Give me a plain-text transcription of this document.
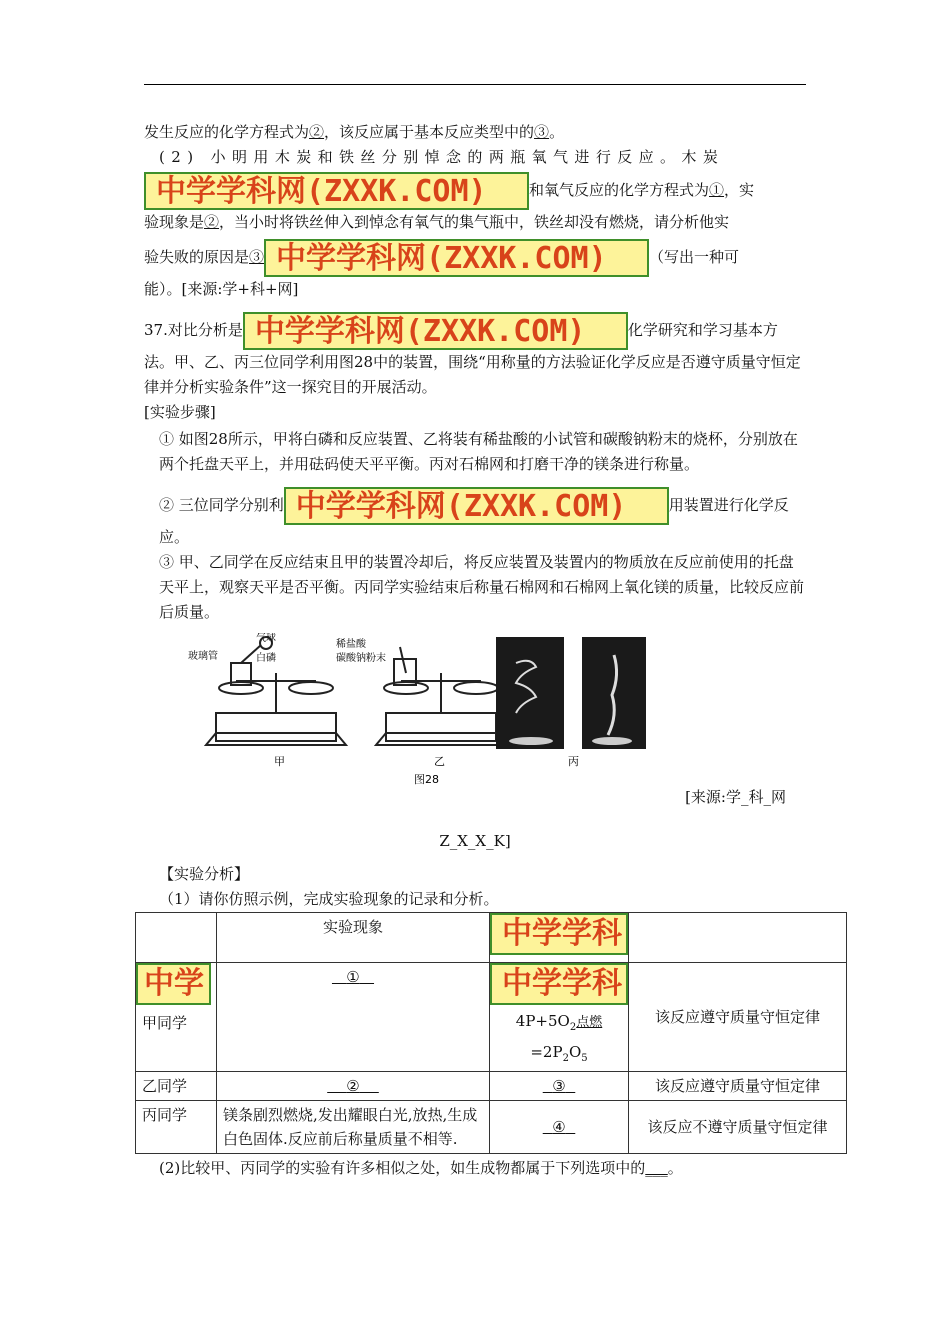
发生反应的化学方程式为②，该反应属于基本反应类型中的③。

(2) 小明用木炭和铁丝分别悼念的两瓶氧气进行反应。木炭

中学学科网(ZXXK.COM)	和氧气反应的化学方程式为①，实

验现象是②，当小时将铁丝伸入到悼念有氧气的集气瓶中，铁丝却没有燃烧，请分析他实

验失败的原因是③ 中学学科网(ZXXK.COM)	（写出一种可

能）。[来源:学+科+网]

37.对比分析是 中学学科网(ZXXK.COM)	化学研究和学习基本方

法。甲、乙、丙三位同学利用图28中的装置，围绕“用称量的方法验证化学反应是否遵守质量守恒定律并分析实验条件”这一探究目的开展活动。

[实验步骤]

① 如图28所示，甲将白磷和反应装置、乙将装有稀盐酸的小试管和碳酸钠粉末的烧杯，分别放在两个托盘天平上，并用砝码使天平平衡。丙对石棉网和打磨干净的镁条进行称量。

② 三位同学分别利 中学学科网(ZXXK.COM)	用装置进行化学反应。

③ 甲、乙同学在反应结束且甲的装置冷却后，将反应装置及装置内的物质放在反应前使用的托盘天平上，观察天平是否平衡。丙同学实验结束后称量石棉网和石棉网上氧化镁的质量，比较反应前后质量。

气球
玻璃管	白磷
稀盐酸
碳酸钠粉末
甲	乙	丙
图28
[来源:学_科_网

Z_X_X_K]

【实验分析】

（1）请你仿照示例，完成实验现象的记录和分析。

	实验现象	中学学科	
中学
甲同学	①	中学学科
$4P+5O_2$点燃
$=2P_2O_5$	该反应遵守质量守恒定律
乙同学	②	③	该反应遵守质量守恒定律
丙同学	镁条剧烈燃烧,发出耀眼白光,放热,生成白色固体.反应前后称量质量不相等.	④	该反应不遵守质量守恒定律

(2)比较甲、丙同学的实验有许多相似之处，如生成物都属于下列选项中的___。
